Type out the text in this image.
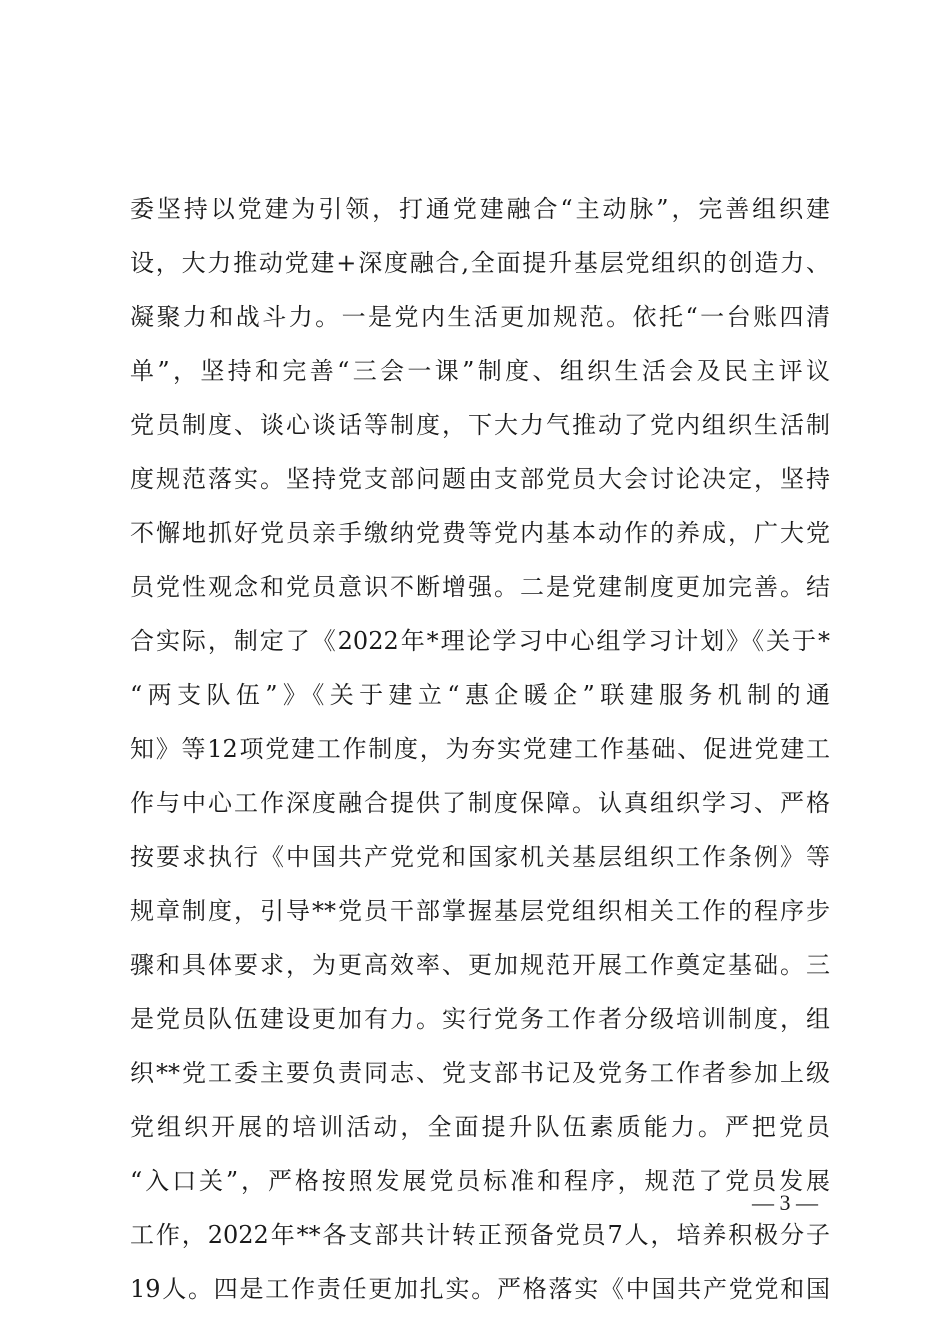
委坚持以党建为引领，打通党建融合“主动脉”，完善组织建
设，大力推动党建+深度融合,全面提升基层党组织的创造力、
凝聚力和战斗力。一是党内生活更加规范。依托“一台账四清
单”，坚持和完善“三会一课”制度、组织生活会及民主评议
党员制度、谈心谈话等制度，下大力气推动了党内组织生活制
度规范落实。坚持党支部问题由支部党员大会讨论决定，坚持
不懈地抓好党员亲手缴纳党费等党内基本动作的养成，广大党
员党性观念和党员意识不断增强。二是党建制度更加完善。结
合实际，制定了《2022年*理论学习中心组学习计划》《关于*
“两支队伍”》《关于建立“惠企暖企”联建服务机制的通
知》等12项党建工作制度，为夯实党建工作基础、促进党建工
作与中心工作深度融合提供了制度保障。认真组织学习、严格
按要求执行《中国共产党党和国家机关基层组织工作条例》等
规章制度，引导**党员干部掌握基层党组织相关工作的程序步
骤和具体要求，为更高效率、更加规范开展工作奠定基础。三
是党员队伍建设更加有力。实行党务工作者分级培训制度，组
织**党工委主要负责同志、党支部书记及党务工作者参加上级
党组织开展的培训活动，全面提升队伍素质能力。严把党员
“入口关”，严格按照发展党员标准和程序，规范了党员发展
工作，2022年**各支部共计转正预备党员7人，培养积极分子
19人。四是工作责任更加扎实。严格落实《中国共产党党和国
— 3 —
